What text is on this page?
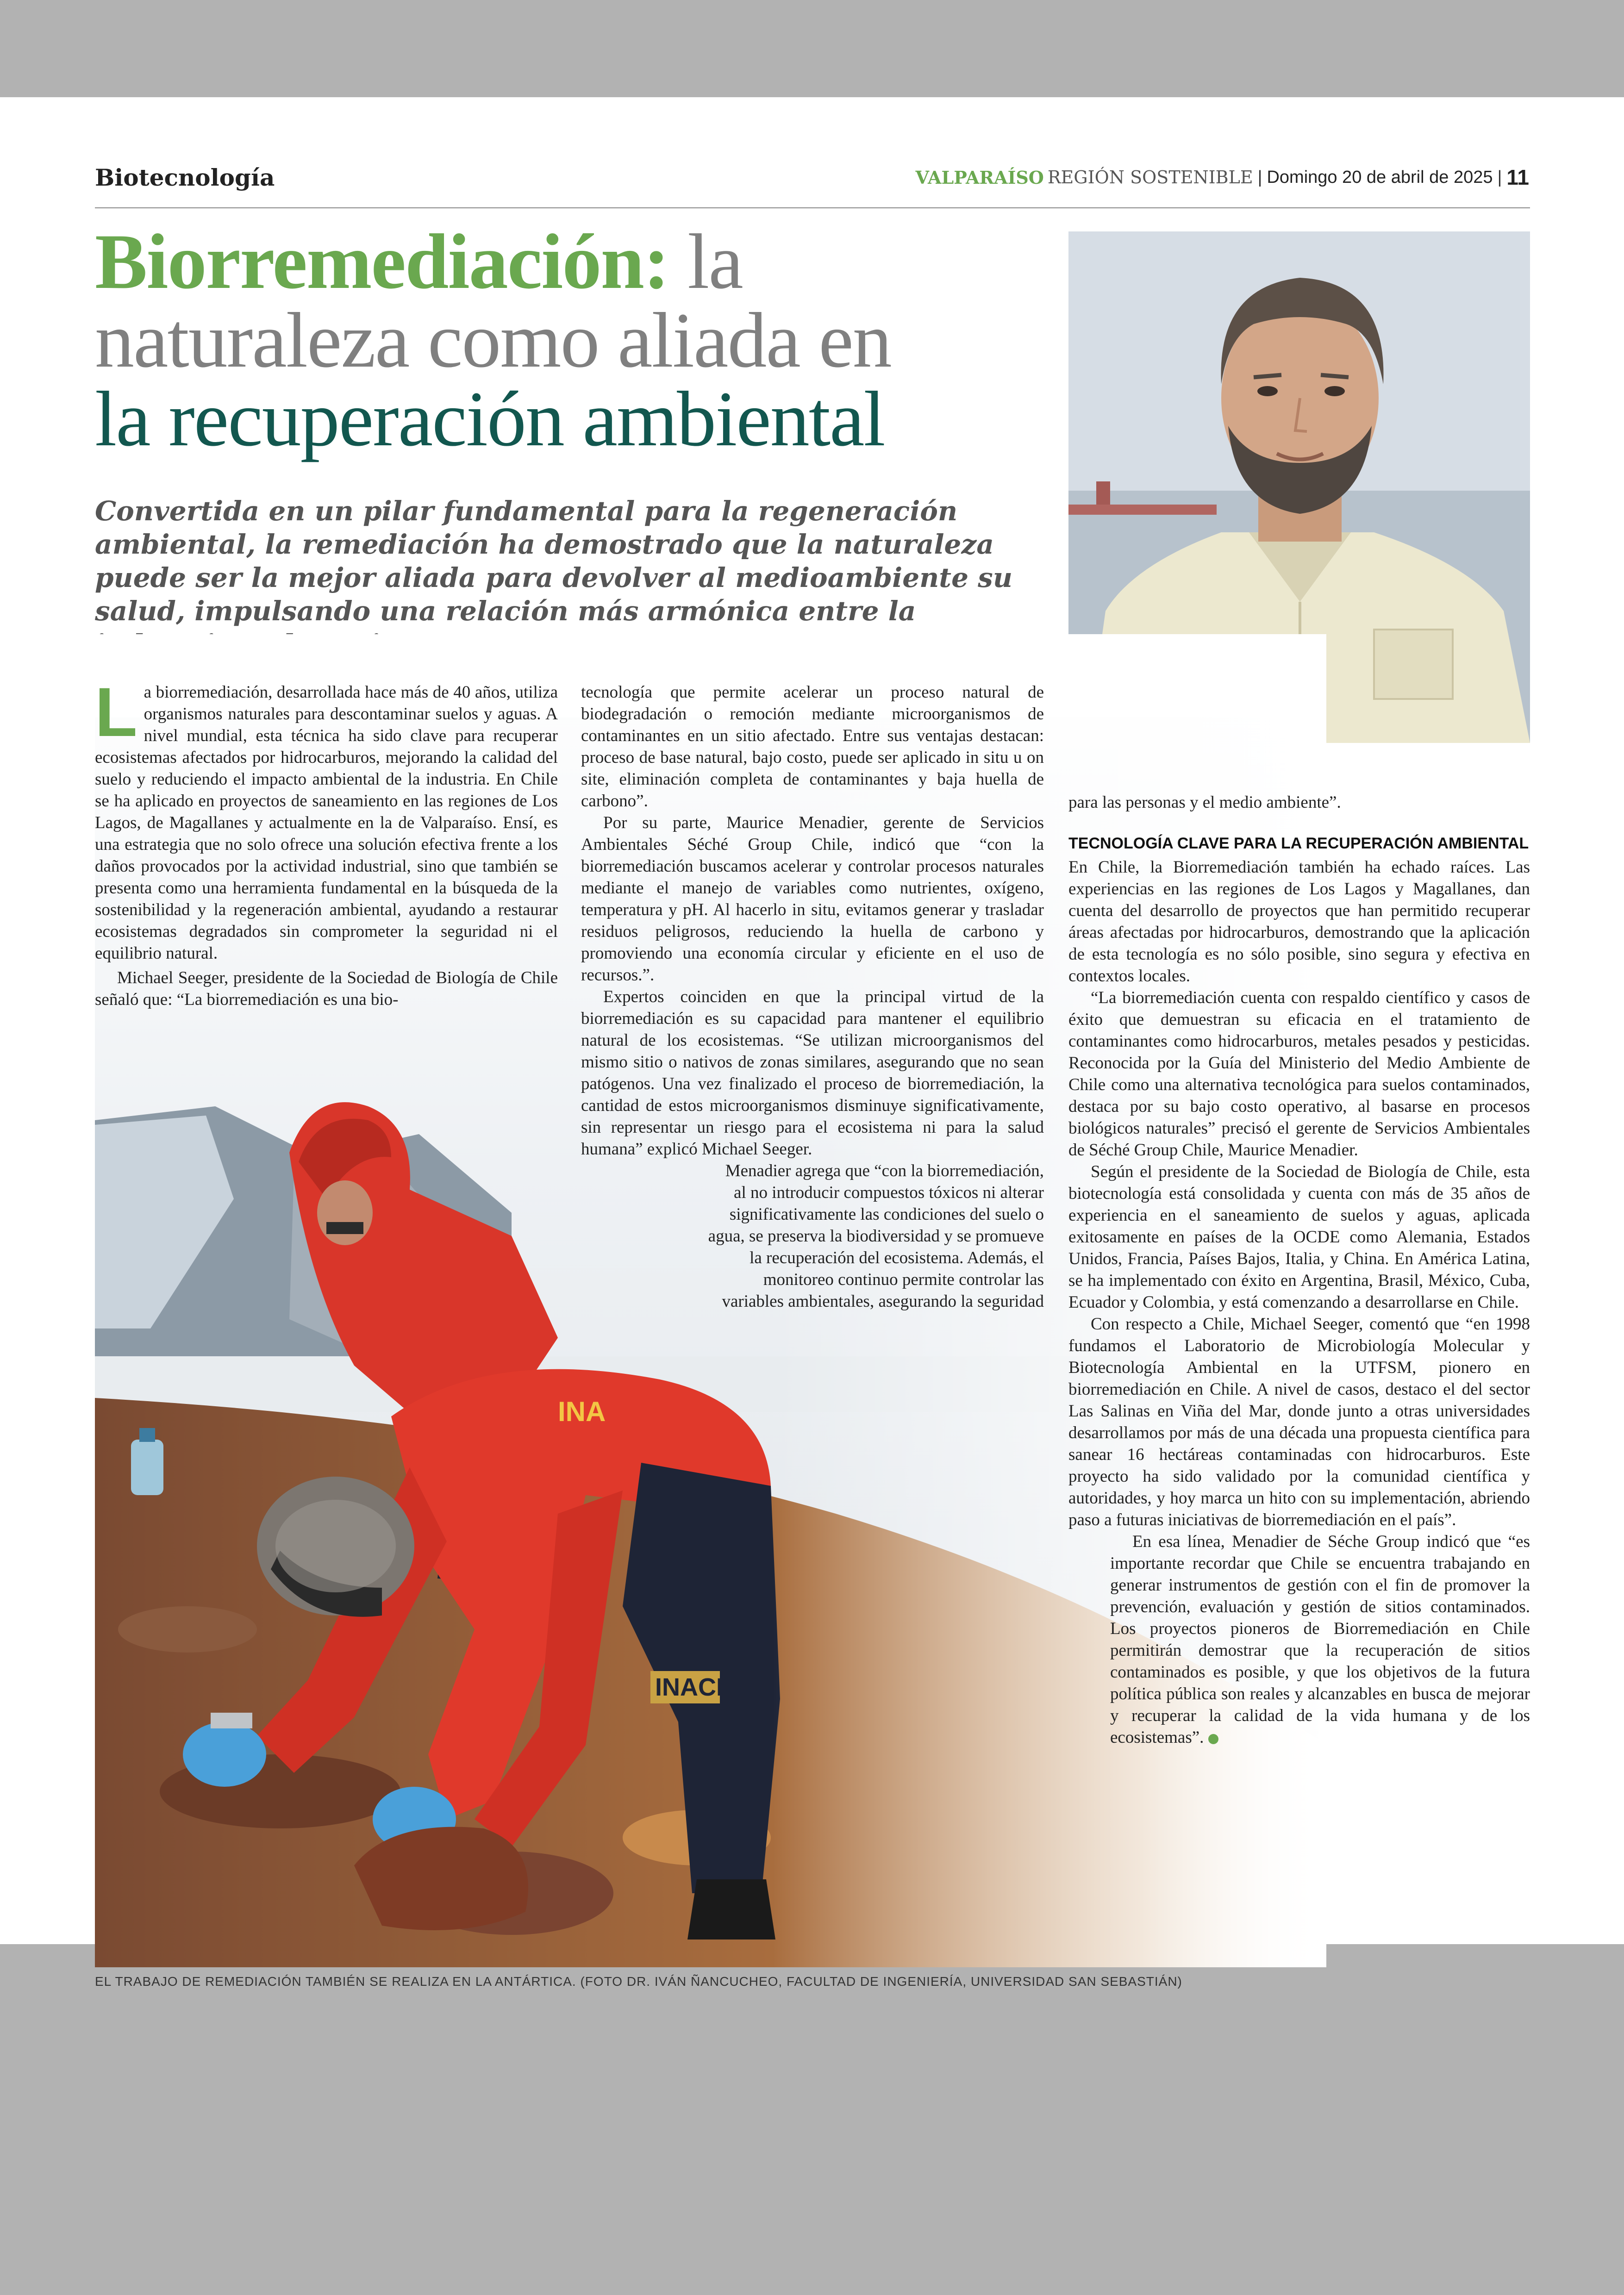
Biotecnología	VALPARAÍSO REGIÓN SOSTENIBLE | Domingo 20 de abril de 2025 | 11
Biorremediación: la naturaleza como aliada en
la recuperación ambiental
Convertida en un pilar fundamental para la regeneración ambiental, la remediación ha demostrado que la naturaleza puede ser la mejor aliada para devolver al medioambiente su salud, impulsando una relación más armónica entre la
INA
INACH
EL TRABAJO DE REMEDIACIÓN TAMBIÉN SE REALIZA EN LA ANTÁRTICA. (FOTO DR. IVÁN ÑANCUCHEO, FACULTAD DE INGENIERÍA, UNIVERSIDAD SAN SEBASTIÁN)

La biorremediación, desarrollada hace más de 40 años, utiliza organismos naturales para descontaminar suelos y aguas. A nivel mundial, esta técnica ha sido clave para recuperar ecosistemas afectados por hidrocarburos, mejorando la calidad del suelo y reduciendo el impacto ambiental de la industria. En Chile se ha aplicado en proyectos de saneamiento en las regiones de Los Lagos, de Magallanes y actualmente en la de Valparaíso. Ensí, es una estrategia que no solo ofrece una solución efectiva frente a los daños provocados por la actividad industrial, sino que también se presenta como una herramienta fundamental en la búsqueda de la sostenibilidad y la regeneración ambiental, ayudando a restaurar ecosistemas degradados sin comprometer la seguridad ni el equilibrio natural.

Michael Seeger, presidente de la Sociedad de Biología de Chile señaló que: “La biorremediación es una bio-

tecnología que permite acelerar un proceso natural de biodegradación o remoción mediante microorganismos de contaminantes en un sitio afectado. Entre sus ventajas destacan: proceso de base natural, bajo costo, puede ser aplicado in situ u on site, eliminación completa de contaminantes y baja huella de carbono”.

Por su parte, Maurice Menadier, gerente de Servicios Ambientales Séché Group Chile, indicó que “con la biorremediación buscamos acelerar y controlar procesos naturales mediante el manejo de variables como nutrientes, oxígeno, temperatura y pH. Al hacerlo in situ, evitamos generar y trasladar residuos peligrosos, reduciendo la huella de carbono y promoviendo una economía circular y eficiente en el uso de recursos.”.

Expertos coinciden en que la principal virtud de la biorremediación es su capacidad para mantener el equilibrio natural de los ecosistemas. “Se utilizan microorganismos del mismo sitio o nativos de zonas similares, asegurando que no sean patógenos. Una vez finalizado el proceso de biorremediación, la cantidad de estos microorganismos disminuye significativamente, sin representar un riesgo para el ecosistema ni para la salud humana” explicó Michael Seeger.

Menadier agrega que “con la biorremediación, al no introducir compuestos tóxicos ni alterar significativamente las condiciones del suelo o agua, se preserva la biodiversidad y se promueve la recuperación del ecosistema. Además, el monitoreo continuo permite controlar las variables ambientales, asegurando la seguridad

para las personas y el medio ambiente”.

TECNOLOGÍA CLAVE PARA LA RECUPERACIÓN AMBIENTAL

En Chile, la Biorremediación también ha echado raíces. Las experiencias en las regiones de Los Lagos y Magallanes, dan cuenta del desarrollo de proyectos que han permitido recuperar áreas afectadas por hidrocarburos, demostrando que la aplicación de esta tecnología es no sólo posible, sino segura y efectiva en contextos locales.

“La biorremediación cuenta con respaldo científico y casos de éxito que demuestran su eficacia en el tratamiento de contaminantes como hidrocarburos, metales pesados y pesticidas. Reconocida por la Guía del Ministerio del Medio Ambiente de Chile como una alternativa tecnológica para suelos contaminados, destaca por su bajo costo operativo, al basarse en procesos biológicos naturales” precisó el gerente de Servicios Ambientales de Séché Group Chile, Maurice Menadier.

Según el presidente de la Sociedad de Biología de Chile, esta biotecnología está consolidada y cuenta con más de 35 años de experiencia en el saneamiento de suelos y aguas, aplicada exitosamente en países de la OCDE como Alemania, Estados Unidos, Francia, Países Bajos, Italia, y China. En América Latina, se ha implementado con éxito en Argentina, Brasil, México, Cuba, Ecuador y Colombia, y está comenzando a desarrollarse en Chile.

Con respecto a Chile, Michael Seeger, comentó que “en 1998 fundamos el Laboratorio de Microbiología Molecular y Biotecnología Ambiental en la UTFSM, pionero en biorremediación en Chile. A nivel de casos, destaco el del sector Las Salinas en Viña del Mar, donde junto a otras universidades desarrollamos por más de una década una propuesta científica para sanear 16 hectáreas contaminadas con hidrocarburos. Este proyecto ha sido validado por la comunidad científica y autoridades, y hoy marca un hito con su implementación, abriendo paso a futuras iniciativas de biorremediación en el país”.

En esa línea, Menadier de Séche Group indicó que “es importante recordar que Chile se encuentra trabajando en generar instrumentos de gestión con el fin de promover la prevención, evaluación y gestión de sitios contaminados. Los proyectos pioneros de Biorremediación en Chile permitirán demostrar que la recuperación de sitios contaminados es posible, y que los objetivos de la futura política pública son reales y alcanzables en busca de mejorar y recuperar la calidad de la vida humana y de los ecosistemas”.
